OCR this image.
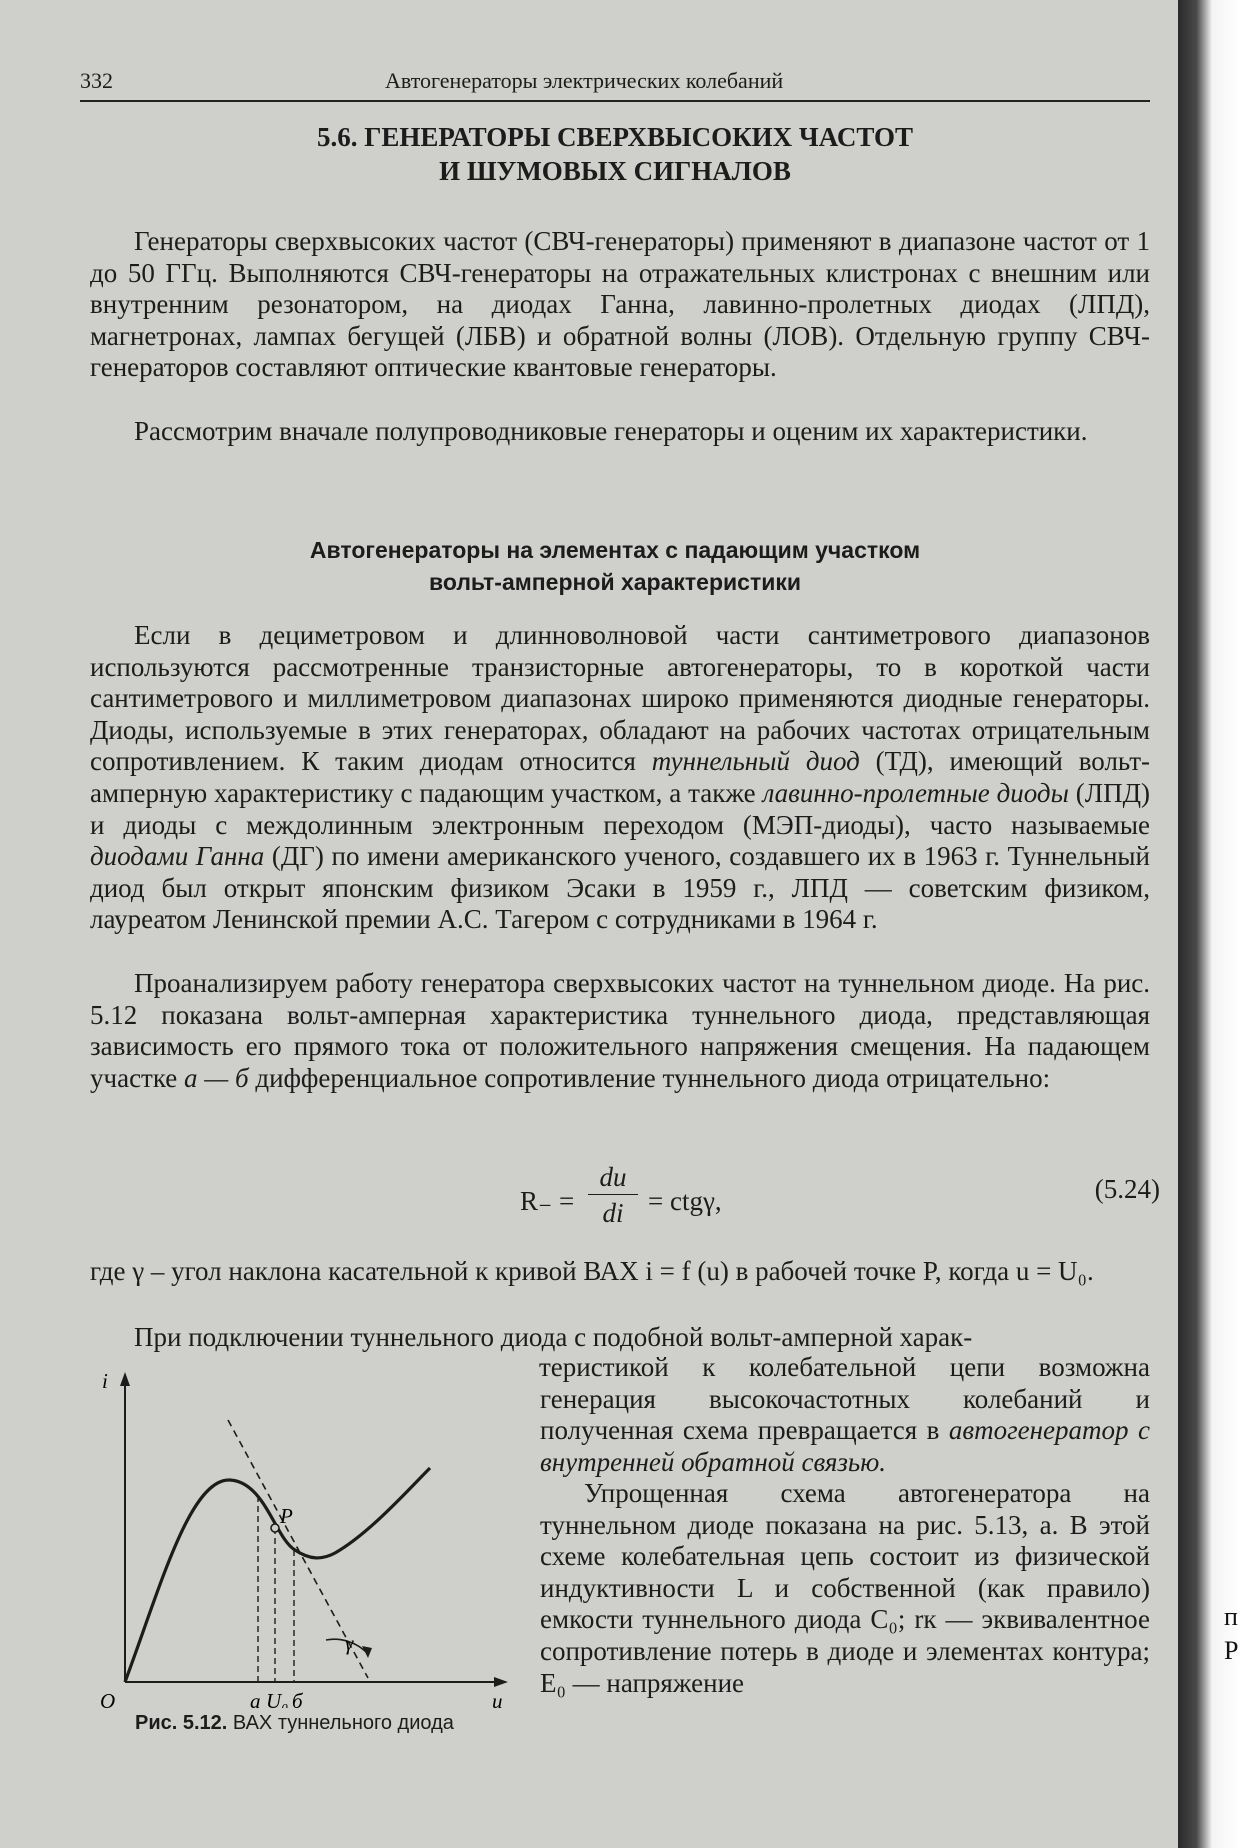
332	Автогенераторы электрических колебаний
5.6. ГЕНЕРАТОРЫ СВЕРХВЫСОКИХ ЧАСТОТ
И ШУМОВЫХ СИГНАЛОВ

Генераторы сверхвысоких частот (СВЧ-генераторы) применяют в диапазоне частот от 1 до 50 ГГц. Выполняются СВЧ-генераторы на отражательных клистронах с внешним или внутренним резонатором, на диодах Ганна, лавинно-пролетных диодах (ЛПД), магнетронах, лампах бегущей (ЛБВ) и обратной волны (ЛОВ). Отдельную группу СВЧ-генераторов составляют оптические квантовые генераторы.

Рассмотрим вначале полупроводниковые генераторы и оценим их характеристики.

Автогенераторы на элементах с падающим участком
вольт-амперной характеристики

Если в дециметровом и длинноволновой части сантиметрового диапазонов используются рассмотренные транзисторные автогенераторы, то в короткой части сантиметрового и миллиметровом диапазонах широко применяются диодные генераторы. Диоды, используемые в этих генераторах, обладают на рабочих частотах отрицательным сопротивлением. К таким диодам относится туннельный диод (ТД), имеющий вольт-амперную характеристику с падающим участком, а также лавинно-пролетные диоды (ЛПД) и диоды с междолинным электронным переходом (МЭП-диоды), часто называемые диодами Ганна (ДГ) по имени американского ученого, создавшего их в 1963 г. Туннельный диод был открыт японским физиком Эсаки в 1959 г., ЛПД — советским физиком, лауреатом Ленинской премии А.С. Тагером с сотрудниками в 1964 г.

Проанализируем работу генератора сверхвысоких частот на туннельном диоде. На рис. 5.12 показана вольт-амперная характеристика туннельного диода, представляющая зависимость его прямого тока от положительного напряжения смещения. На падающем участке а — б дифференциальное сопротивление туннельного диода отрицательно:

$R_- = \frac{du}{di} = ctg\gamma$,	(5.24)

где γ – угол наклона касательной к кривой ВАХ i = f (u) в рабочей точке P, когда u = U₀.

При подключении туннельного диода с подобной вольт-амперной харак-

теристикой к колебательной цепи возможна генерация высокочастотных колебаний и полученная схема превращается в автогенератор с внутренней обратной связью.

i
u
O	a U₀ б
P
γ
Рис. 5.12. ВАХ туннельного диода

Упрощенная схема автогенератора на туннельном диоде показана на рис. 5.13, а. В этой схеме колебательная цепь состоит из физической индуктивности L и собственной (как правило) емкости туннельного диода C₀; rк — эквивалентное сопротивление потерь в диоде и элементах контура; E₀ — напряжение

п
Р
